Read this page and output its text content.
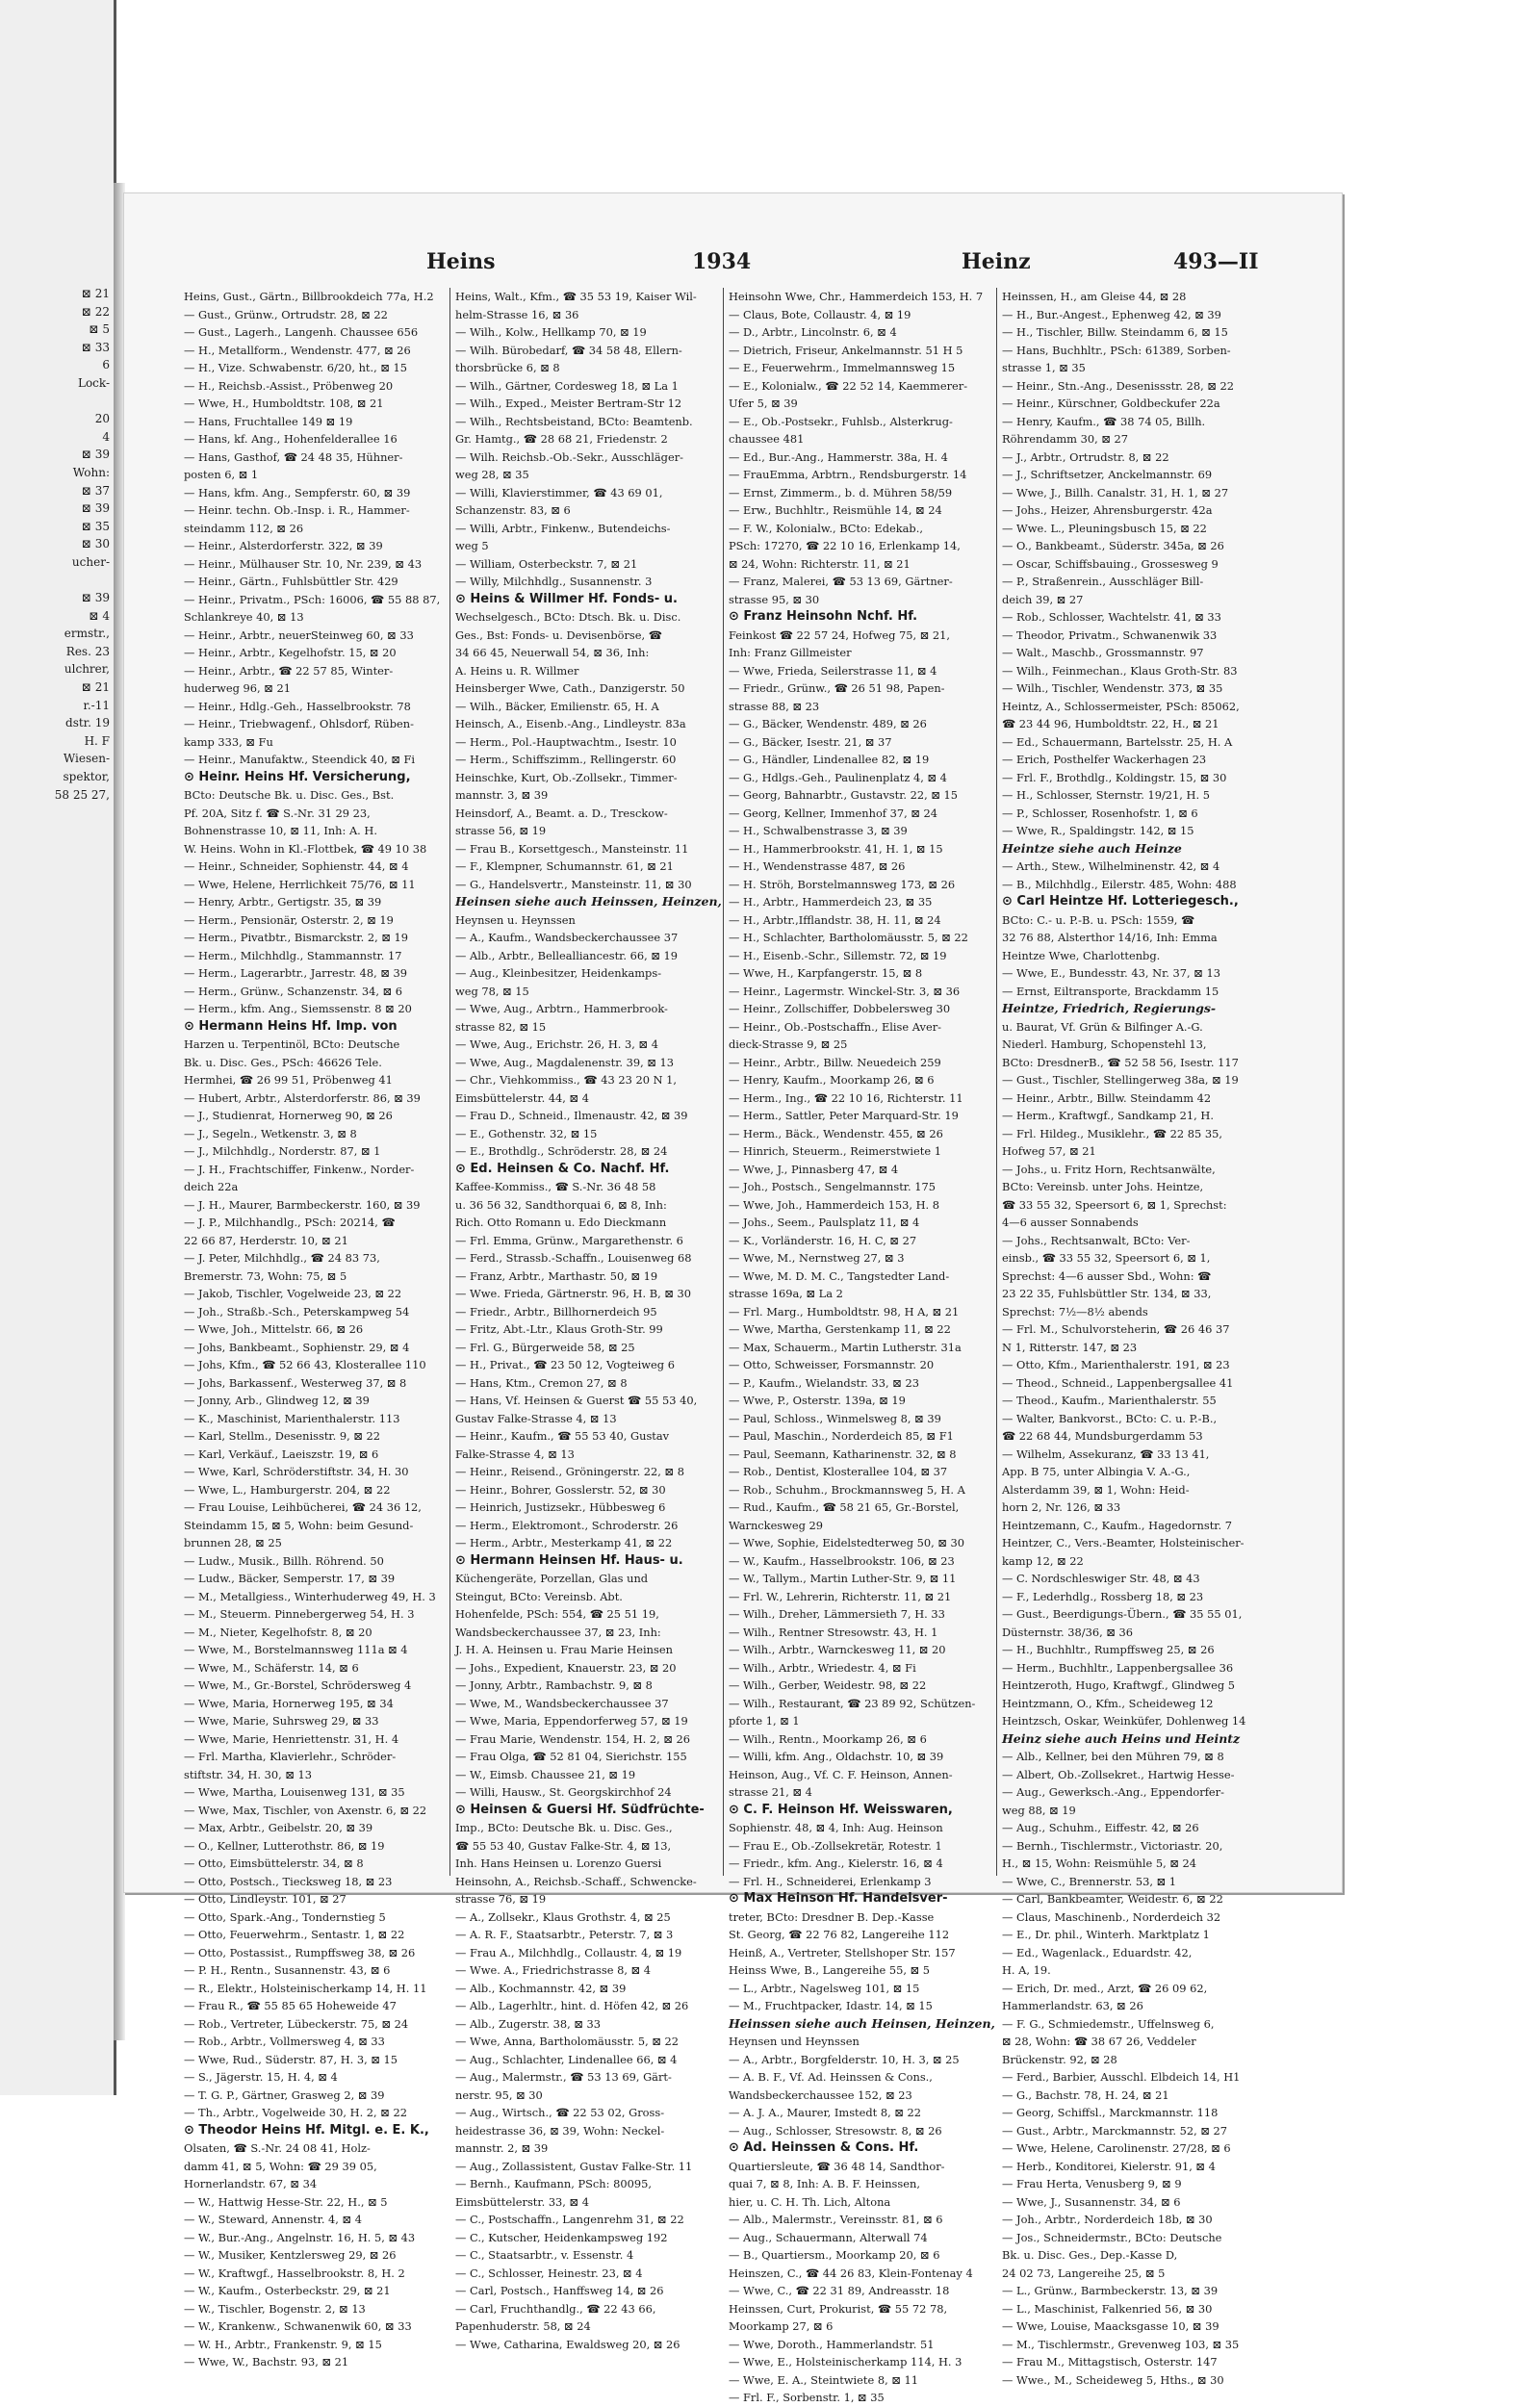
⊠ 21
⊠ 22
⊠ 5
⊠ 33
6
Lock-

20
4
⊠ 39
Wohn:
⊠ 37
⊠ 39
⊠ 35
⊠ 30
ucher-

⊠ 39
⊠ 4
ermstr.,
Res. 23
ulchrer,
⊠ 21
r.-11
dstr. 19
H. F
Wiesen-
spektor,
58 25 27,
Heins	1934	Heinz	493—II
Heins, Gust., Gärtn., Billbrookdeich 77a, H.2
— Gust., Grünw., Ortrudstr. 28, ⊠ 22
— Gust., Lagerh., Langenh. Chaussee 656
— H., Metallform., Wendenstr. 477, ⊠ 26
— H., Vize. Schwabenstr. 6/20, ht., ⊠ 15
— H., Reichsb.-Assist., Pröbenweg 20
— Wwe, H., Humboldtstr. 108, ⊠ 21
— Hans, Fruchtallee 149 ⊠ 19
— Hans, kf. Ang., Hohenfelderallee 16
— Hans, Gasthof, ☎ 24 48 35, Hühner-
posten 6, ⊠ 1
— Hans, kfm. Ang., Sempferstr. 60, ⊠ 39
— Heinr. techn. Ob.-Insp. i. R., Hammer-
steindamm 112, ⊠ 26
— Heinr., Alsterdorferstr. 322, ⊠ 39
— Heinr., Mülhauser Str. 10, Nr. 239, ⊠ 43
— Heinr., Gärtn., Fuhlsbüttler Str. 429
— Heinr., Privatm., PSch: 16006, ☎ 55 88 87,
Schlankreye 40, ⊠ 13
— Heinr., Arbtr., neuerSteinweg 60, ⊠ 33
— Heinr., Arbtr., Kegelhofstr. 15, ⊠ 20
— Heinr., Arbtr., ☎ 22 57 85, Winter-
huderweg 96, ⊠ 21
— Heinr., Hdlg.-Geh., Hasselbrookstr. 78
— Heinr., Triebwagenf., Ohlsdorf, Rüben-
kamp 333, ⊠ Fu
— Heinr., Manufaktw., Steendick 40, ⊠ Fi
⊙ Heinr. Heins Hf. Versicherung,
BCto: Deutsche Bk. u. Disc. Ges., Bst.
Pf. 20A, Sitz f. ☎ S.-Nr. 31 29 23,
Bohnenstrasse 10, ⊠ 11, Inh: A. H.
W. Heins. Wohn in Kl.-Flottbek, ☎ 49 10 38
— Heinr., Schneider, Sophienstr. 44, ⊠ 4
— Wwe, Helene, Herrlichkeit 75/76, ⊠ 11
— Henry, Arbtr., Gertigstr. 35, ⊠ 39
— Herm., Pensionär, Osterstr. 2, ⊠ 19
— Herm., Pivatbtr., Bismarckstr. 2, ⊠ 19
— Herm., Milchhdlg., Stammannstr. 17
— Herm., Lagerarbtr., Jarrestr. 48, ⊠ 39
— Herm., Grünw., Schanzenstr. 34, ⊠ 6
— Herm., kfm. Ang., Siemssenstr. 8 ⊠ 20
⊙ Hermann Heins Hf. Imp. von
Harzen u. Terpentinöl, BCto: Deutsche
Bk. u. Disc. Ges., PSch: 46626 Tele.
Hermhei, ☎ 26 99 51, Pröbenweg 41
— Hubert, Arbtr., Alsterdorferstr. 86, ⊠ 39
— J., Studienrat, Hornerweg 90, ⊠ 26
— J., Segeln., Wetkenstr. 3, ⊠ 8
— J., Milchhdlg., Norderstr. 87, ⊠ 1
— J. H., Frachtschiffer, Finkenw., Norder-
deich 22a
— J. H., Maurer, Barmbeckerstr. 160, ⊠ 39
— J. P., Milchhandlg., PSch: 20214, ☎
22 66 87, Herderstr. 10, ⊠ 21
— J. Peter, Milchhdlg., ☎ 24 83 73,
Bremerstr. 73, Wohn: 75, ⊠ 5
— Jakob, Tischler, Vogelweide 23, ⊠ 22
— Joh., Straßb.-Sch., Peterskampweg 54
— Wwe, Joh., Mittelstr. 66, ⊠ 26
— Johs, Bankbeamt., Sophienstr. 29, ⊠ 4
— Johs, Kfm., ☎ 52 66 43, Klosterallee 110
— Johs, Barkassenf., Westerweg 37, ⊠ 8
— Jonny, Arb., Glindweg 12, ⊠ 39
— K., Maschinist, Marienthalerstr. 113
— Karl, Stellm., Desenisstr. 9, ⊠ 22
— Karl, Verkäuf., Laeiszstr. 19, ⊠ 6
— Wwe, Karl, Schröderstiftstr. 34, H. 30
— Wwe, L., Hamburgerstr. 204, ⊠ 22
— Frau Louise, Leihbücherei, ☎ 24 36 12,
Steindamm 15, ⊠ 5, Wohn: beim Gesund-
brunnen 28, ⊠ 25
— Ludw., Musik., Billh. Röhrend. 50
— Ludw., Bäcker, Semperstr. 17, ⊠ 39
— M., Metallgiess., Winterhuderweg 49, H. 3
— M., Steuerm. Pinnebergerweg 54, H. 3
— M., Nieter, Kegelhofstr. 8, ⊠ 20
— Wwe, M., Borstelmannsweg 111a ⊠ 4
— Wwe, M., Schäferstr. 14, ⊠ 6
— Wwe, M., Gr.-Borstel, Schrödersweg 4
— Wwe, Maria, Hornerweg 195, ⊠ 34
— Wwe, Marie, Suhrsweg 29, ⊠ 33
— Wwe, Marie, Henriettenstr. 31, H. 4
— Frl. Martha, Klavierlehr., Schröder-
stiftstr. 34, H. 30, ⊠ 13
— Wwe, Martha, Louisenweg 131, ⊠ 35
— Wwe, Max, Tischler, von Axenstr. 6, ⊠ 22
— Max, Arbtr., Geibelstr. 20, ⊠ 39
— O., Kellner, Lutterothstr. 86, ⊠ 19
— Otto, Eimsbüttelerstr. 34, ⊠ 8
— Otto, Postsch., Tiecksweg 18, ⊠ 23
— Otto, Lindleystr. 101, ⊠ 27
— Otto, Spark.-Ang., Tondernstieg 5
— Otto, Feuerwehrm., Sentastr. 1, ⊠ 22
— Otto, Postassist., Rumpffsweg 38, ⊠ 26
— P. H., Rentn., Susannenstr. 43, ⊠ 6
— R., Elektr., Holsteinischerkamp 14, H. 11
— Frau R., ☎ 55 85 65 Hoheweide 47
— Rob., Vertreter, Lübeckerstr. 75, ⊠ 24
— Rob., Arbtr., Vollmersweg 4, ⊠ 33
— Wwe, Rud., Süderstr. 87, H. 3, ⊠ 15
— S., Jägerstr. 15, H. 4, ⊠ 4
— T. G. P., Gärtner, Grasweg 2, ⊠ 39
— Th., Arbtr., Vogelweide 30, H. 2, ⊠ 22
⊙ Theodor Heins Hf. Mitgl. e. E. K.,
Olsaten, ☎ S.-Nr. 24 08 41, Holz-
damm 41, ⊠ 5, Wohn: ☎ 29 39 05,
Hornerlandstr. 67, ⊠ 34
— W., Hattwig Hesse-Str. 22, H., ⊠ 5
— W., Steward, Annenstr. 4, ⊠ 4
— W., Bur.-Ang., Angelnstr. 16, H. 5, ⊠ 43
— W., Musiker, Kentzlersweg 29, ⊠ 26
— W., Kraftwgf., Hasselbrookstr. 8, H. 2
— W., Kaufm., Osterbeckstr. 29, ⊠ 21
— W., Tischler, Bogenstr. 2, ⊠ 13
— W., Krankenw., Schwanenwik 60, ⊠ 33
— W. H., Arbtr., Frankenstr. 9, ⊠ 15
— Wwe, W., Bachstr. 93, ⊠ 21
Heins, Walt., Kfm., ☎ 35 53 19, Kaiser Wil-
helm-Strasse 16, ⊠ 36
— Wilh., Kolw., Hellkamp 70, ⊠ 19
— Wilh. Bürobedarf, ☎ 34 58 48, Ellern-
thorsbrücke 6, ⊠ 8
— Wilh., Gärtner, Cordesweg 18, ⊠ La 1
— Wilh., Exped., Meister Bertram-Str 12
— Wilh., Rechtsbeistand, BCto: Beamtenb.
Gr. Hamtg., ☎ 28 68 21, Friedenstr. 2
— Wilh. Reichsb.-Ob.-Sekr., Ausschläger-
weg 28, ⊠ 35
— Willi, Klavierstimmer, ☎ 43 69 01,
Schanzenstr. 83, ⊠ 6
— Willi, Arbtr., Finkenw., Butendeichs-
weg 5
— William, Osterbeckstr. 7, ⊠ 21
— Willy, Milchhdlg., Susannenstr. 3
⊙ Heins & Willmer Hf. Fonds- u.
Wechselgesch., BCto: Dtsch. Bk. u. Disc.
Ges., Bst: Fonds- u. Devisenbörse, ☎
34 66 45, Neuerwall 54, ⊠ 36, Inh:
A. Heins u. R. Willmer
Heinsberger Wwe, Cath., Danzigerstr. 50
— Wilh., Bäcker, Emilienstr. 65, H. A
Heinsch, A., Eisenb.-Ang., Lindleystr. 83a
— Herm., Pol.-Hauptwachtm., Isestr. 10
— Herm., Schiffszimm., Rellingerstr. 60
Heinschke, Kurt, Ob.-Zollsekr., Timmer-
mannstr. 3, ⊠ 39
Heinsdorf, A., Beamt. a. D., Tresckow-
strasse 56, ⊠ 19
— Frau B., Korsettgesch., Mansteinstr. 11
— F., Klempner, Schumannstr. 61, ⊠ 21
— G., Handelsvertr., Mansteinstr. 11, ⊠ 30
Heinsen siehe auch Heinssen, Heinzen,
Heynsen u. Heynssen
— A., Kaufm., Wandsbeckerchaussee 37
— Alb., Arbtr., Bellealliancestr. 66, ⊠ 19
— Aug., Kleinbesitzer, Heidenkamps-
weg 78, ⊠ 15
— Wwe, Aug., Arbtrn., Hammerbrook-
strasse 82, ⊠ 15
— Wwe, Aug., Erichstr. 26, H. 3, ⊠ 4
— Wwe, Aug., Magdalenenstr. 39, ⊠ 13
— Chr., Viehkommiss., ☎ 43 23 20 N 1,
Eimsbüttelerstr. 44, ⊠ 4
— Frau D., Schneid., Ilmenaustr. 42, ⊠ 39
— E., Gothenstr. 32, ⊠ 15
— E., Brothdlg., Schröderstr. 28, ⊠ 24
⊙ Ed. Heinsen & Co. Nachf. Hf.
Kaffee-Kommiss., ☎ S.-Nr. 36 48 58
u. 36 56 32, Sandthorquai 6, ⊠ 8, Inh:
Rich. Otto Romann u. Edo Dieckmann
— Frl. Emma, Grünw., Margarethenstr. 6
— Ferd., Strassb.-Schaffn., Louisenweg 68
— Franz, Arbtr., Marthastr. 50, ⊠ 19
— Wwe. Frieda, Gärtnerstr. 96, H. B, ⊠ 30
— Friedr., Arbtr., Billhornerdeich 95
— Fritz, Abt.-Ltr., Klaus Groth-Str. 99
— Frl. G., Bürgerweide 58, ⊠ 25
— H., Privat., ☎ 23 50 12, Vogteiweg 6
— Hans, Ktm., Cremon 27, ⊠ 8
— Hans, Vf. Heinsen & Guerst ☎ 55 53 40,
Gustav Falke-Strasse 4, ⊠ 13
— Heinr., Kaufm., ☎ 55 53 40, Gustav
Falke-Strasse 4, ⊠ 13
— Heinr., Reisend., Gröningerstr. 22, ⊠ 8
— Heinr., Bohrer, Gosslerstr. 52, ⊠ 30
— Heinrich, Justizsekr., Hübbesweg 6
— Herm., Elektromont., Schroderstr. 26
— Herm., Arbtr., Mesterkamp 41, ⊠ 22
⊙ Hermann Heinsen Hf. Haus- u.
Küchengeräte, Porzellan, Glas und
Steingut, BCto: Vereinsb. Abt.
Hohenfelde, PSch: 554, ☎ 25 51 19,
Wandsbeckerchaussee 37, ⊠ 23, Inh:
J. H. A. Heinsen u. Frau Marie Heinsen
— Johs., Expedient, Knauerstr. 23, ⊠ 20
— Jonny, Arbtr., Rambachstr. 9, ⊠ 8
— Wwe, M., Wandsbeckerchaussee 37
— Wwe, Maria, Eppendorferweg 57, ⊠ 19
— Frau Marie, Wendenstr. 154, H. 2, ⊠ 26
— Frau Olga, ☎ 52 81 04, Sierichstr. 155
— W., Eimsb. Chaussee 21, ⊠ 19
— Willi, Hausw., St. Georgskirchhof 24
⊙ Heinsen & Guersi Hf. Südfrüchte-
Imp., BCto: Deutsche Bk. u. Disc. Ges.,
☎ 55 53 40, Gustav Falke-Str. 4, ⊠ 13,
Inh. Hans Heinsen u. Lorenzo Guersi
Heinsohn, A., Reichsb.-Schaff., Schwencke-
strasse 76, ⊠ 19
— A., Zollsekr., Klaus Grothstr. 4, ⊠ 25
— A. R. F., Staatsarbtr., Peterstr. 7, ⊠ 3
— Frau A., Milchhdlg., Collaustr. 4, ⊠ 19
— Wwe. A., Friedrichstrasse 8, ⊠ 4
— Alb., Kochmannstr. 42, ⊠ 39
— Alb., Lagerhltr., hint. d. Höfen 42, ⊠ 26
— Alb., Zugerstr. 38, ⊠ 33
— Wwe, Anna, Bartholomäusstr. 5, ⊠ 22
— Aug., Schlachter, Lindenallee 66, ⊠ 4
— Aug., Malermstr., ☎ 53 13 69, Gärt-
nerstr. 95, ⊠ 30
— Aug., Wirtsch., ☎ 22 53 02, Gross-
heidestrasse 36, ⊠ 39, Wohn: Neckel-
mannstr. 2, ⊠ 39
— Aug., Zollassistent, Gustav Falke-Str. 11
— Bernh., Kaufmann, PSch: 80095,
Eimsbüttelerstr. 33, ⊠ 4
— C., Postschaffn., Langenrehm 31, ⊠ 22
— C., Kutscher, Heidenkampsweg 192
— C., Staatsarbtr., v. Essenstr. 4
— C., Schlosser, Heinestr. 23, ⊠ 4
— Carl, Postsch., Hanffsweg 14, ⊠ 26
— Carl, Fruchthandlg., ☎ 22 43 66,
Papenhuderstr. 58, ⊠ 24
— Wwe, Catharina, Ewaldsweg 20, ⊠ 26
Heinsohn Wwe, Chr., Hammerdeich 153, H. 7
— Claus, Bote, Collaustr. 4, ⊠ 19
— D., Arbtr., Lincolnstr. 6, ⊠ 4
— Dietrich, Friseur, Ankelmannstr. 51 H 5
— E., Feuerwehrm., Immelmannsweg 15
— E., Kolonialw., ☎ 22 52 14, Kaemmerer-
Ufer 5, ⊠ 39
— E., Ob.-Postsekr., Fuhlsb., Alsterkrug-
chaussee 481
— Ed., Bur.-Ang., Hammerstr. 38a, H. 4
— FrauEmma, Arbtrn., Rendsburgerstr. 14
— Ernst, Zimmerm., b. d. Mühren 58/59
— Erw., Buchhltr., Reismühle 14, ⊠ 24
— F. W., Kolonialw., BCto: Edekab.,
PSch: 17270, ☎ 22 10 16, Erlenkamp 14,
⊠ 24, Wohn: Richterstr. 11, ⊠ 21
— Franz, Malerei, ☎ 53 13 69, Gärtner-
strasse 95, ⊠ 30
⊙ Franz Heinsohn Nchf. Hf.
Feinkost ☎ 22 57 24, Hofweg 75, ⊠ 21,
Inh: Franz Gillmeister
— Wwe, Frieda, Seilerstrasse 11, ⊠ 4
— Friedr., Grünw., ☎ 26 51 98, Papen-
strasse 88, ⊠ 23
— G., Bäcker, Wendenstr. 489, ⊠ 26
— G., Bäcker, Isestr. 21, ⊠ 37
— G., Händler, Lindenallee 82, ⊠ 19
— G., Hdlgs.-Geh., Paulinenplatz 4, ⊠ 4
— Georg, Bahnarbtr., Gustavstr. 22, ⊠ 15
— Georg, Kellner, Immenhof 37, ⊠ 24
— H., Schwalbenstrasse 3, ⊠ 39
— H., Hammerbrookstr. 41, H. 1, ⊠ 15
— H., Wendenstrasse 487, ⊠ 26
— H. Ströh, Borstelmannsweg 173, ⊠ 26
— H., Arbtr., Hammerdeich 23, ⊠ 35
— H., Arbtr.,Ifflandstr. 38, H. 11, ⊠ 24
— H., Schlachter, Bartholomäusstr. 5, ⊠ 22
— H., Eisenb.-Schr., Sillemstr. 72, ⊠ 19
— Wwe, H., Karpfangerstr. 15, ⊠ 8
— Heinr., Lagermstr. Winckel-Str. 3, ⊠ 36
— Heinr., Zollschiffer, Dobbelersweg 30
— Heinr., Ob.-Postschaffn., Elise Aver-
dieck-Strasse 9, ⊠ 25
— Heinr., Arbtr., Billw. Neuedeich 259
— Henry, Kaufm., Moorkamp 26, ⊠ 6
— Herm., Ing., ☎ 22 10 16, Richterstr. 11
— Herm., Sattler, Peter Marquard-Str. 19
— Herm., Bäck., Wendenstr. 455, ⊠ 26
— Hinrich, Steuerm., Reimerstwiete 1
— Wwe, J., Pinnasberg 47, ⊠ 4
— Joh., Postsch., Sengelmannstr. 175
— Wwe, Joh., Hammerdeich 153, H. 8
— Johs., Seem., Paulsplatz 11, ⊠ 4
— K., Vorländerstr. 16, H. C, ⊠ 27
— Wwe, M., Nernstweg 27, ⊠ 3
— Wwe, M. D. M. C., Tangstedter Land-
strasse 169a, ⊠ La 2
— Frl. Marg., Humboldtstr. 98, H A, ⊠ 21
— Wwe, Martha, Gerstenkamp 11, ⊠ 22
— Max, Schauerm., Martin Lutherstr. 31a
— Otto, Schweisser, Forsmannstr. 20
— P., Kaufm., Wielandstr. 33, ⊠ 23
— Wwe, P., Osterstr. 139a, ⊠ 19
— Paul, Schloss., Winmelsweg 8, ⊠ 39
— Paul, Maschin., Norderdeich 85, ⊠ F1
— Paul, Seemann, Katharinenstr. 32, ⊠ 8
— Rob., Dentist, Klosterallee 104, ⊠ 37
— Rob., Schuhm., Brockmannsweg 5, H. A
— Rud., Kaufm., ☎ 58 21 65, Gr.-Borstel,
Warnckesweg 29
— Wwe, Sophie, Eidelstedterweg 50, ⊠ 30
— W., Kaufm., Hasselbrookstr. 106, ⊠ 23
— W., Tallym., Martin Luther-Str. 9, ⊠ 11
— Frl. W., Lehrerin, Richterstr. 11, ⊠ 21
— Wilh., Dreher, Lämmersieth 7, H. 33
— Wilh., Rentner Stresowstr. 43, H. 1
— Wilh., Arbtr., Warnckesweg 11, ⊠ 20
— Wilh., Arbtr., Wriedestr. 4, ⊠ Fi
— Wilh., Gerber, Weidestr. 98, ⊠ 22
— Wilh., Restaurant, ☎ 23 89 92, Schützen-
pforte 1, ⊠ 1
— Wilh., Rentn., Moorkamp 26, ⊠ 6
— Willi, kfm. Ang., Oldachstr. 10, ⊠ 39
Heinson, Aug., Vf. C. F. Heinson, Annen-
strasse 21, ⊠ 4
⊙ C. F. Heinson Hf. Weisswaren,
Sophienstr. 48, ⊠ 4, Inh: Aug. Heinson
— Frau E., Ob.-Zollsekretär, Rotestr. 1
— Friedr., kfm. Ang., Kielerstr. 16, ⊠ 4
— Frl. H., Schneiderei, Erlenkamp 3
⊙ Max Heinson Hf. Handelsver-
treter, BCto: Dresdner B. Dep.-Kasse
St. Georg, ☎ 22 76 82, Langereihe 112
Heinß, A., Vertreter, Stellshoper Str. 157
Heinss Wwe, B., Langereihe 55, ⊠ 5
— L., Arbtr., Nagelsweg 101, ⊠ 15
— M., Fruchtpacker, Idastr. 14, ⊠ 15
Heinssen siehe auch Heinsen, Heinzen,
Heynsen und Heynssen
— A., Arbtr., Borgfelderstr. 10, H. 3, ⊠ 25
— A. B. F., Vf. Ad. Heinssen & Cons.,
Wandsbeckerchaussee 152, ⊠ 23
— A. J. A., Maurer, Imstedt 8, ⊠ 22
— Aug., Schlosser, Stresowstr. 8, ⊠ 26
⊙ Ad. Heinssen & Cons. Hf.
Quartiersleute, ☎ 36 48 14, Sandthor-
quai 7, ⊠ 8, Inh: A. B. F. Heinssen,
hier, u. C. H. Th. Lich, Altona
— Alb., Malermstr., Vereinsstr. 81, ⊠ 6
— Aug., Schauermann, Alterwall 74
— B., Quartiersm., Moorkamp 20, ⊠ 6
Heinszen, C., ☎ 44 26 83, Klein-Fontenay 4
— Wwe, C., ☎ 22 31 89, Andreasstr. 18
Heinssen, Curt, Prokurist, ☎ 55 72 78,
Moorkamp 27, ⊠ 6
— Wwe, Doroth., Hammerlandstr. 51
— Wwe, E., Holsteinischerkamp 114, H. 3
— Wwe, E. A., Steintwiete 8, ⊠ 11
— Frl. F., Sorbenstr. 1, ⊠ 35
Heinssen, H., am Gleise 44, ⊠ 28
— H., Bur.-Angest., Ephenweg 42, ⊠ 39
— H., Tischler, Billw. Steindamm 6, ⊠ 15
— Hans, Buchhltr., PSch: 61389, Sorben-
strasse 1, ⊠ 35
— Heinr., Stn.-Ang., Desenissstr. 28, ⊠ 22
— Heinr., Kürschner, Goldbeckufer 22a
— Henry, Kaufm., ☎ 38 74 05, Billh.
Röhrendamm 30, ⊠ 27
— J., Arbtr., Ortrudstr. 8, ⊠ 22
— J., Schriftsetzer, Anckelmannstr. 69
— Wwe, J., Billh. Canalstr. 31, H. 1, ⊠ 27
— Johs., Heizer, Ahrensburgerstr. 42a
— Wwe. L., Pleuningsbusch 15, ⊠ 22
— O., Bankbeamt., Süderstr. 345a, ⊠ 26
— Oscar, Schiffsbauing., Grossesweg 9
— P., Straßenrein., Ausschläger Bill-
deich 39, ⊠ 27
— Rob., Schlosser, Wachtelstr. 41, ⊠ 33
— Theodor, Privatm., Schwanenwik 33
— Walt., Maschb., Grossmannstr. 97
— Wilh., Feinmechan., Klaus Groth-Str. 83
— Wilh., Tischler, Wendenstr. 373, ⊠ 35
Heintz, A., Schlossermeister, PSch: 85062,
☎ 23 44 96, Humboldtstr. 22, H., ⊠ 21
— Ed., Schauermann, Bartelsstr. 25, H. A
— Erich, Posthelfer Wackerhagen 23
— Frl. F., Brothdlg., Koldingstr. 15, ⊠ 30
— H., Schlosser, Sternstr. 19/21, H. 5
— P., Schlosser, Rosenhofstr. 1, ⊠ 6
— Wwe, R., Spaldingstr. 142, ⊠ 15
Heintze siehe auch Heinze
— Arth., Stew., Wilhelminenstr. 42, ⊠ 4
— B., Milchhdlg., Eilerstr. 485, Wohn: 488
⊙ Carl Heintze Hf. Lotteriegesch.,
BCto: C.- u. P.-B. u. PSch: 1559, ☎
32 76 88, Alsterthor 14/16, Inh: Emma
Heintze Wwe, Charlottenbg.
— Wwe, E., Bundesstr. 43, Nr. 37, ⊠ 13
— Ernst, Eiltransporte, Brackdamm 15
Heintze, Friedrich, Regierungs-
u. Baurat, Vf. Grün & Bilfinger A.-G.
Niederl. Hamburg, Schopenstehl 13,
BCto: DresdnerB., ☎ 52 58 56, Isestr. 117
— Gust., Tischler, Stellingerweg 38a, ⊠ 19
— Heinr., Arbtr., Billw. Steindamm 42
— Herm., Kraftwgf., Sandkamp 21, H.
— Frl. Hildeg., Musiklehr., ☎ 22 85 35,
Hofweg 57, ⊠ 21
— Johs., u. Fritz Horn, Rechtsanwälte,
BCto: Vereinsb. unter Johs. Heintze,
☎ 33 55 32, Speersort 6, ⊠ 1, Sprechst:
4—6 ausser Sonnabends
— Johs., Rechtsanwalt, BCto: Ver-
einsb., ☎ 33 55 32, Speersort 6, ⊠ 1,
Sprechst: 4—6 ausser Sbd., Wohn: ☎
23 22 35, Fuhlsbüttler Str. 134, ⊠ 33,
Sprechst: 7½—8½ abends
— Frl. M., Schulvorsteherin, ☎ 26 46 37
N 1, Ritterstr. 147, ⊠ 23
— Otto, Kfm., Marienthalerstr. 191, ⊠ 23
— Theod., Schneid., Lappenbergsallee 41
— Theod., Kaufm., Marienthalerstr. 55
— Walter, Bankvorst., BCto: C. u. P.-B.,
☎ 22 68 44, Mundsburgerdamm 53
— Wilhelm, Assekuranz, ☎ 33 13 41,
App. B 75, unter Albingia V. A.-G.,
Alsterdamm 39, ⊠ 1, Wohn: Heid-
horn 2, Nr. 126, ⊠ 33
Heintzemann, C., Kaufm., Hagedornstr. 7
Heintzer, C., Vers.-Beamter, Holsteinischer-
kamp 12, ⊠ 22
— C. Nordschleswiger Str. 48, ⊠ 43
— F., Lederhdlg., Rossberg 18, ⊠ 23
— Gust., Beerdigungs-Übern., ☎ 35 55 01,
Düsternstr. 38/36, ⊠ 36
— H., Buchhltr., Rumpffsweg 25, ⊠ 26
— Herm., Buchhltr., Lappenbergsallee 36
Heintzeroth, Hugo, Kraftwgf., Glindweg 5
Heintzmann, O., Kfm., Scheideweg 12
Heintzsch, Oskar, Weinküfer, Dohlenweg 14
Heinz siehe auch Heins und Heintz
— Alb., Kellner, bei den Mühren 79, ⊠ 8
— Albert, Ob.-Zollsekret., Hartwig Hesse-
— Aug., Gewerksch.-Ang., Eppendorfer-
weg 88, ⊠ 19
— Aug., Schuhm., Eiffestr. 42, ⊠ 26
— Bernh., Tischlermstr., Victoriastr. 20,
H., ⊠ 15, Wohn: Reismühle 5, ⊠ 24
— Wwe, C., Brennerstr. 53, ⊠ 1
— Carl, Bankbeamter, Weidestr. 6, ⊠ 22
— Claus, Maschinenb., Norderdeich 32
— E., Dr. phil., Winterh. Marktplatz 1
— Ed., Wagenlack., Eduardstr. 42,
H. A, 19.
— Erich, Dr. med., Arzt, ☎ 26 09 62,
Hammerlandstr. 63, ⊠ 26
— F. G., Schmiedemstr., Uffelnsweg 6,
⊠ 28, Wohn: ☎ 38 67 26, Veddeler
Brückenstr. 92, ⊠ 28
— Ferd., Barbier, Ausschl. Elbdeich 14, H1
— G., Bachstr. 78, H. 24, ⊠ 21
— Georg, Schiffsl., Marckmannstr. 118
— Gust., Arbtr., Marckmannstr. 52, ⊠ 27
— Wwe, Helene, Carolinenstr. 27/28, ⊠ 6
— Herb., Konditorei, Kielerstr. 91, ⊠ 4
— Frau Herta, Venusberg 9, ⊠ 9
— Wwe, J., Susannenstr. 34, ⊠ 6
— Joh., Arbtr., Norderdeich 18b, ⊠ 30
— Jos., Schneidermstr., BCto: Deutsche
Bk. u. Disc. Ges., Dep.-Kasse D,
24 02 73, Langereihe 25, ⊠ 5
— L., Grünw., Barmbeckerstr. 13, ⊠ 39
— L., Maschinist, Falkenried 56, ⊠ 30
— Wwe, Louise, Maacksgasse 10, ⊠ 39
— M., Tischlermstr., Grevenweg 103, ⊠ 35
— Frau M., Mittagstisch, Osterstr. 147
— Wwe., M., Scheideweg 5, Hths., ⊠ 30
